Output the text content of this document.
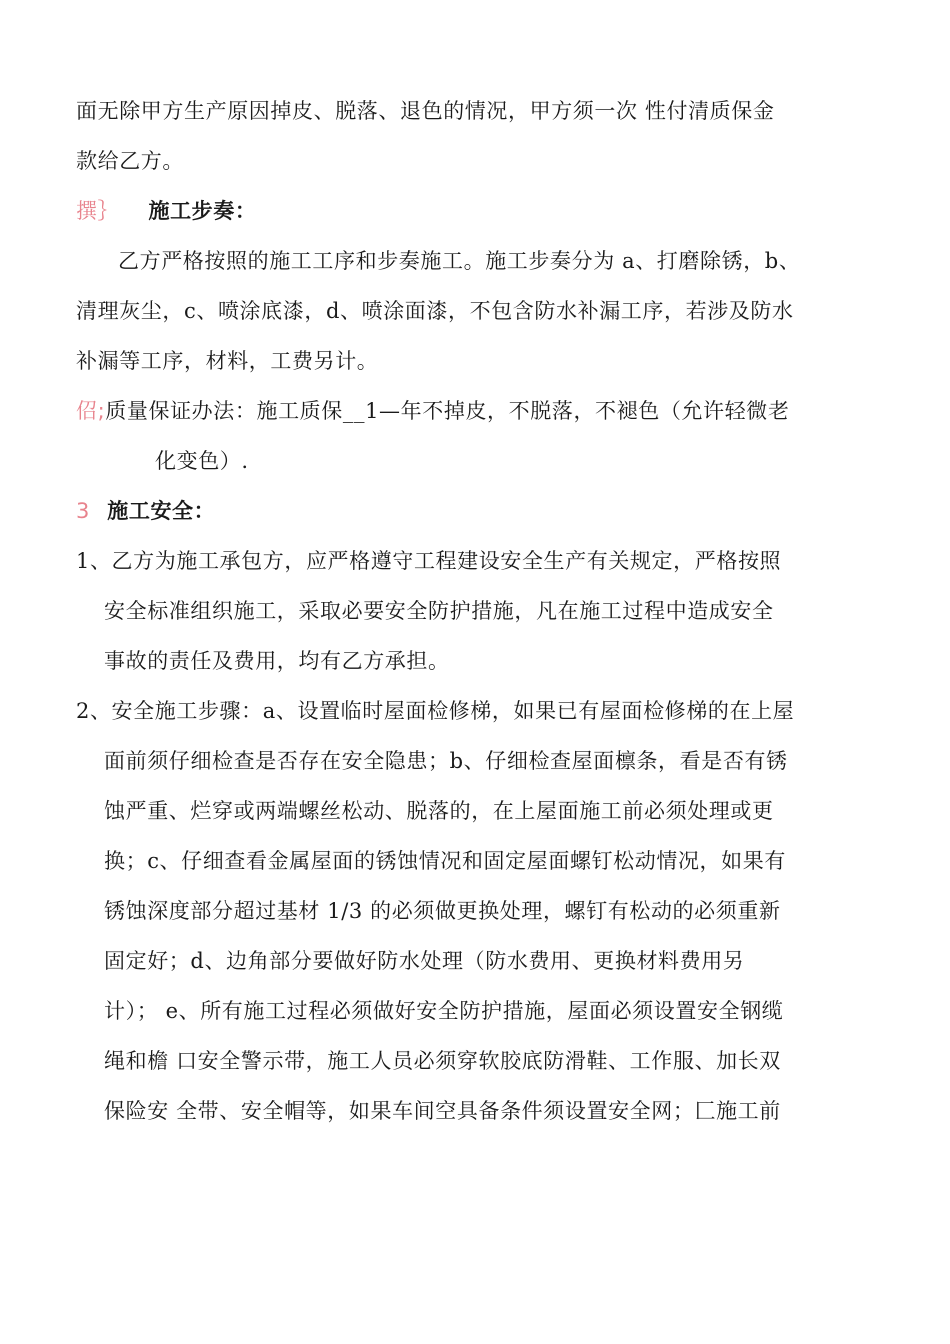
面无除甲方生产原因掉皮、脱落、退色的情况，甲方须一次 性付清质保金
款给乙方。
撰｝ 施工步奏：
乙方严格按照的施工工序和步奏施工。施工步奏分为 a、打磨除锈，b、
清理灰尘，c、喷涂底漆，d、喷涂面漆，不包含防水补漏工序，若涉及防水
补漏等工序，材料，工费另计。
佋;质量保证办法：施工质保__1—年不掉皮，不脱落，不褪色（允许轻微老
化变色）.
3 施工安全：
1、乙方为施工承包方，应严格遵守工程建设安全生产有关规定，严格按照
安全标准组织施工，采取必要安全防护措施，凡在施工过程中造成安全
事故的责任及费用，均有乙方承担。
2、安全施工步骤：a、设置临时屋面检修梯，如果已有屋面检修梯的在上屋
面前须仔细检查是否存在安全隐患；b、仔细检查屋面檩条，看是否有锈
蚀严重、烂穿或两端螺丝松动、脱落的，在上屋面施工前必须处理或更
换；c、仔细查看金属屋面的锈蚀情况和固定屋面螺钉松动情况，如果有
锈蚀深度部分超过基材 1/3 的必须做更换处理，螺钉有松动的必须重新
固定好；d、边角部分要做好防水处理（防水费用、更换材料费用另
计）； e、所有施工过程必须做好安全防护措施，屋面必须设置安全钢缆
绳和檐 口安全警示带，施工人员必须穿软胶底防滑鞋、工作服、加长双
保险安 全带、安全帽等，如果车间空具备条件须设置安全网；匚施工前
